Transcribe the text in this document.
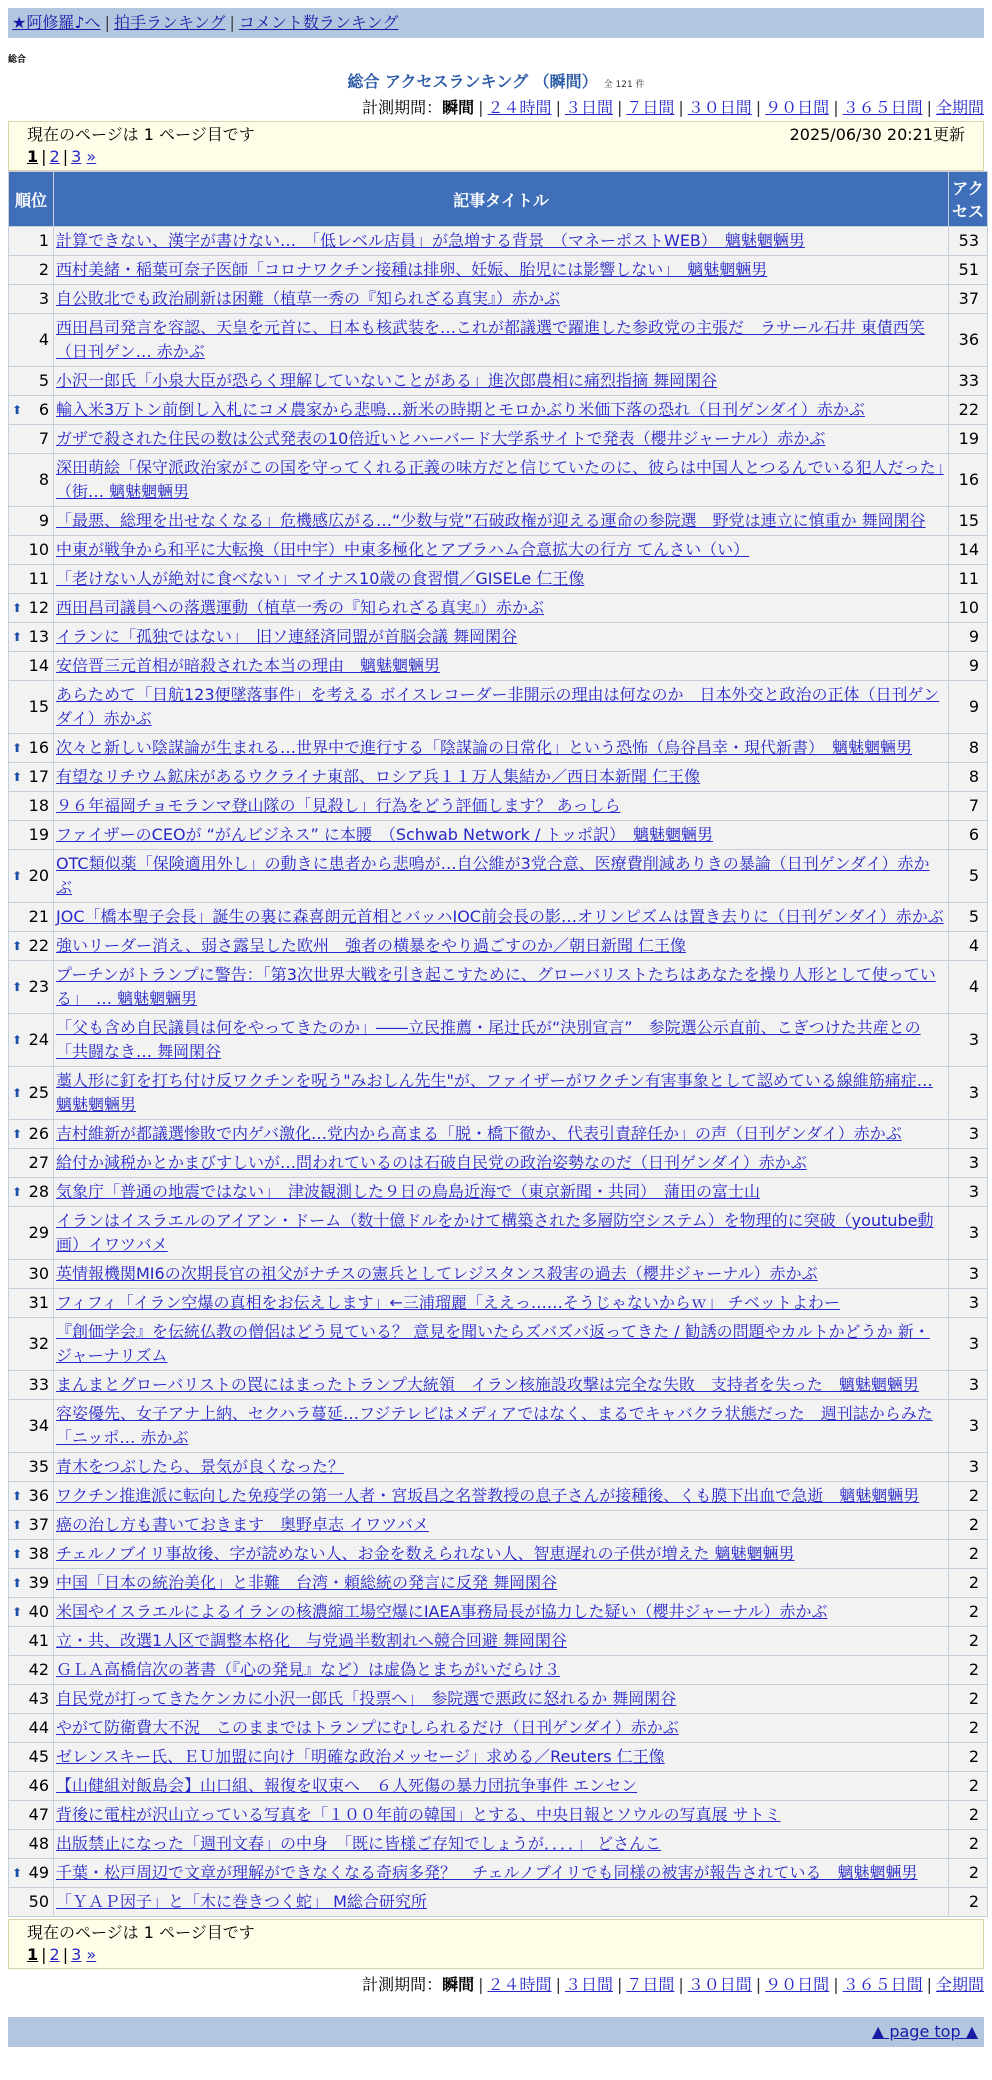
★阿修羅♪へ | 拍手ランキング | コメント数ランキング
総合
総合 アクセスランキング （瞬間） 全 121 件
計測期間：瞬間 | ２４時間 | ３日間 | ７日間 | ３０日間 | ９０日間 | ３６５日間 | 全期間
現在のページは 1 ページ目です	2025/06/30 20:21更新
1 | 2 | 3 »
順位	記事タイトル	アクセス
1	計算できない、漢字が書けない…　「低レベル店員」が急増する背景　（マネーポストWEB）　魑魅魍魎男	53
2	西村美緒・稲葉可奈子医師「コロナワクチン接種は排卵、妊娠、胎児には影響しない」　魑魅魍魎男	51
3	自公敗北でも政治刷新は困難（植草一秀の『知られざる真実』）赤かぶ	37
4	西田昌司発言を容認、天皇を元首に、日本も核武装を…これが都議選で躍進した参政党の主張だ　ラサール石井 東債西笑（日刊ゲン… 赤かぶ	36
5	小沢一郎氏「小泉大臣が恐らく理解していないことがある」進次郎農相に痛烈指摘 舞岡閑谷	33

⬆ 6	輸入米3万トン前倒し入札にコメ農家から悲鳴…新米の時期とモロかぶり米価下落の恐れ（日刊ゲンダイ）赤かぶ	22
7	ガザで殺された住民の数は公式発表の10倍近いとハーバード大学系サイトで発表（櫻井ジャーナル）赤かぶ	19
8	深田萌絵「保守派政治家がこの国を守ってくれる正義の味方だと信じていたのに、彼らは中国人とつるんでいる犯人だった」（街… 魑魅魍魎男	16
9	「最悪、総理を出せなくなる」危機感広がる…“少数与党”石破政権が迎える運命の参院選　野党は連立に慎重か 舞岡閑谷	15
10	中東が戦争から和平に大転換（田中宇）中東多極化とアブラハム合意拡大の行方 てんさい（い）	14
11	「老けない人が絶対に食べない」マイナス10歳の食習慣／GISELe 仁王像	11

⬆ 12	西田昌司議員への落選運動（植草一秀の『知られざる真実』）赤かぶ	10

⬆ 13	イランに「孤独ではない」　旧ソ連経済同盟が首脳会議 舞岡閑谷	9
14	安倍晋三元首相が暗殺された本当の理由　魑魅魍魎男	9
15	あらためて「日航123便墜落事件」を考える ボイスレコーダー非開示の理由は何なのか　日本外交と政治の正体（日刊ゲンダイ）赤かぶ	9

⬆ 16	次々と新しい陰謀論が生まれる…世界中で進行する「陰謀論の日常化」という恐怖（烏谷昌幸・現代新書）　魑魅魍魎男	8

⬆ 17	有望なリチウム鉱床があるウクライナ東部、ロシア兵１１万人集結か／西日本新聞 仁王像	8
18	９６年福岡チョモランマ登山隊の「見殺し」行為をどう評価します？ あっしら	7
19	ファイザーのCEOが “がんビジネス” に本腰　（Schwab Network / トッポ訳）　魑魅魍魎男	6

⬆ 20	OTC類似薬「保険適用外し」の動きに患者から悲鳴が…自公維が3党合意、医療費削減ありきの暴論（日刊ゲンダイ）赤かぶ	5
21	JOC「橋本聖子会長」誕生の裏に森喜朗元首相とバッハIOC前会長の影…オリンピズムは置き去りに（日刊ゲンダイ）赤かぶ	5

⬆ 22	強いリーダー消え、弱さ露呈した欧州　強者の横暴をやり過ごすのか／朝日新聞 仁王像	4

⬆ 23	プーチンがトランプに警告：「第3次世界大戦を引き起こすために、グローバリストたちはあなたを操り人形として使っている」　… 魑魅魍魎男	4

⬆ 24	「父も含め自民議員は何をやってきたのか」――立民推薦・尾辻氏が“決別宣言”　参院選公示直前、こぎつけた共産との「共闘なき… 舞岡閑谷	3

⬆ 25	藁人形に釘を打ち付け反ワクチンを呪う"みおしん先生"が、ファイザーがワクチン有害事象として認めている線維筋痛症… 魑魅魍魎男	3

⬆ 26	吉村維新が都議選惨敗で内ゲバ激化…党内から高まる「脱・橋下徹か、代表引責辞任か」の声（日刊ゲンダイ）赤かぶ	3
27	給付か減税かとかまびすしいが…問われているのは石破自民党の政治姿勢なのだ（日刊ゲンダイ）赤かぶ	3

⬆ 28	気象庁「普通の地震ではない」　津波観測した９日の鳥島近海で（東京新聞・共同）　蒲田の富士山	3
29	イランはイスラエルのアイアン・ドーム（数十億ドルをかけて構築された多層防空システム）を物理的に突破（youtube動画）イワツバメ	3
30	英情報機関MI6の次期長官の祖父がナチスの憲兵としてレジスタンス殺害の過去（櫻井ジャーナル）赤かぶ	3
31	フィフィ「イラン空爆の真相をお伝えします」←三浦瑠麗「ええっ……そうじゃないからｗ」 チベットよわー	3
32	『創価学会』を伝統仏教の僧侶はどう見ている？ 意見を聞いたらズバズバ返ってきた / 勧誘の問題やカルトかどうか 新・ジャーナリズム	3
33	まんまとグローバリストの罠にはまったトランプ大統領　イラン核施設攻撃は完全な失敗　支持者を失った　魑魅魍魎男	3
34	容姿優先、女子アナ上納、セクハラ蔓延…フジテレビはメディアではなく、まるでキャバクラ状態だった　週刊誌からみた「ニッポ… 赤かぶ	3
35	青木をつぶしたら、景気が良くなった？	3

⬆ 36	ワクチン推進派に転向した免疫学の第一人者・宮坂昌之名誉教授の息子さんが接種後、くも膜下出血で急逝　魑魅魍魎男	2

⬆ 37	癌の治し方も書いておきます　奥野卓志 イワツバメ	2

⬆ 38	チェルノブイリ事故後、字が読めない人、お金を数えられない人、智恵遅れの子供が増えた 魑魅魍魎男	2

⬆ 39	中国「日本の統治美化」と非難　台湾・頼総統の発言に反発 舞岡閑谷	2

⬆ 40	米国やイスラエルによるイランの核濃縮工場空爆にIAEA事務局長が協力した疑い（櫻井ジャーナル）赤かぶ	2
41	立・共、改選1人区で調整本格化　与党過半数割れへ競合回避 舞岡閑谷	2
42	ＧＬＡ高橋信次の著書（『心の発見』など）は虚偽とまちがいだらけ３	2
43	自民党が打ってきたケンカに小沢一郎氏「投票へ」　参院選で悪政に怒れるか 舞岡閑谷	2
44	やがて防衛費大不況　このままではトランプにむしられるだけ（日刊ゲンダイ）赤かぶ	2
45	ゼレンスキー氏、ＥＵ加盟に向け「明確な政治メッセージ」求める／Reuters 仁王像	2
46	【山健組対飯島会】山口組、報復を収束へ　６人死傷の暴力団抗争事件 エンセン	2
47	背後に電柱が沢山立っている写真を「１００年前の韓国」とする、中央日報とソウルの写真展 サトミ	2
48	出版禁止になった「週刊文春」の中身　「既に皆様ご存知でしょうが．．．．」 どさんこ	2

⬆ 49	千葉・松戸周辺で文章が理解ができなくなる奇病多発？　チェルノブイリでも同様の被害が報告されている　魑魅魍魎男	2
50	「ＹＡＰ因子」と「木に巻きつく蛇」 M総合研究所	2
現在のページは 1 ページ目です
1 | 2 | 3 »
計測期間：瞬間 | ２４時間 | ３日間 | ７日間 | ３０日間 | ９０日間 | ３６５日間 | 全期間
▲ page top ▲
